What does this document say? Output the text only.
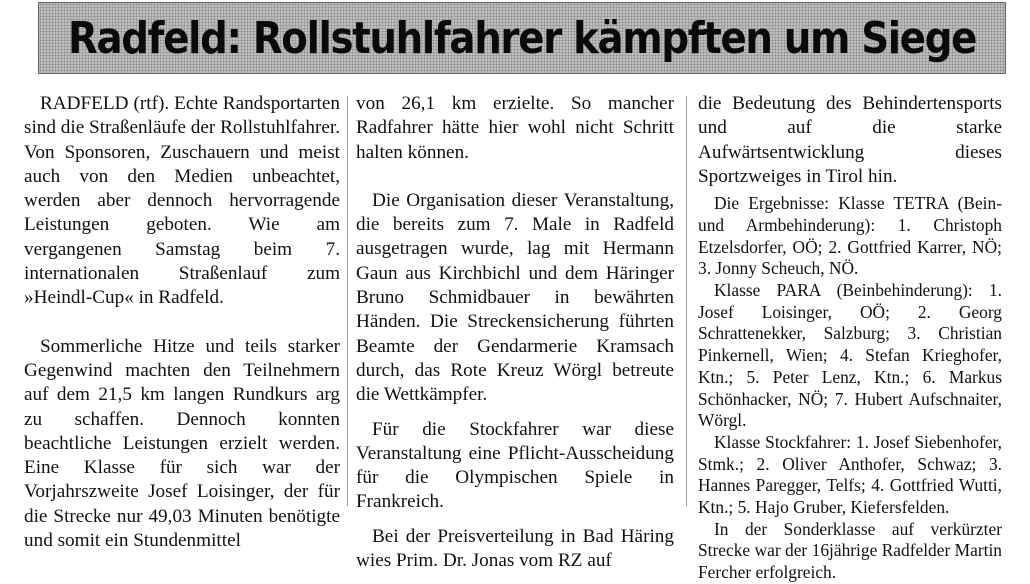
Radfeld: Rollstuhlfahrer kämpften um Siege

RADFELD (rtf). Echte Randsportarten sind die Straßenläufe der Rollstuhlfahrer. Von Sponsoren, Zuschauern und meist auch von den Medien unbeachtet, werden aber dennoch hervorragende Leistungen geboten. Wie am vergangenen Samstag beim 7. internationalen Straßenlauf zum »Heindl-Cup« in Radfeld.

Sommerliche Hitze und teils starker Gegenwind machten den Teilnehmern auf dem 21,5 km langen Rundkurs arg zu schaffen. Dennoch konnten beachtliche Leistungen erzielt werden. Eine Klasse für sich war der Vorjahrszweite Josef Loisinger, der für die Strecke nur 49,03 Minuten benötigte und somit ein Stundenmittel

von 26,1 km erzielte. So mancher Radfahrer hätte hier wohl nicht Schritt halten können.

Die Organisation dieser Veranstaltung, die bereits zum 7. Male in Radfeld ausgetragen wurde, lag mit Hermann Gaun aus Kirchbichl und dem Häringer Bruno Schmidbauer in bewährten Händen. Die Streckensicherung führten Beamte der Gendarmerie Kramsach durch, das Rote Kreuz Wörgl betreute die Wettkämpfer.

Für die Stockfahrer war diese Veranstaltung eine Pflicht-Ausscheidung für die Olympischen Spiele in Frankreich.

Bei der Preisverteilung in Bad Häring wies Prim. Dr. Jonas vom RZ auf

die Bedeutung des Behindertensports und auf die starke Aufwärtsentwicklung dieses Sportzweiges in Tirol hin.

Die Ergebnisse: Klasse TETRA (Bein- und Armbehinderung): 1. Christoph Etzelsdorfer, OÖ; 2. Gottfried Karrer, NÖ; 3. Jonny Scheuch, NÖ.

Klasse PARA (Beinbehinderung): 1. Josef Loisinger, OÖ; 2. Georg Schrattenekker, Salzburg; 3. Christian Pinkernell, Wien; 4. Stefan Krieghofer, Ktn.; 5. Peter Lenz, Ktn.; 6. Markus Schönhacker, NÖ; 7. Hubert Aufschnaiter, Wörgl.

Klasse Stockfahrer: 1. Josef Siebenhofer, Stmk.; 2. Oliver Anthofer, Schwaz; 3. Hannes Paregger, Telfs; 4. Gottfried Wutti, Ktn.; 5. Hajo Gruber, Kiefersfelden.

In der Sonderklasse auf verkürzter Strecke war der 16jährige Radfelder Martin Fercher erfolgreich.
